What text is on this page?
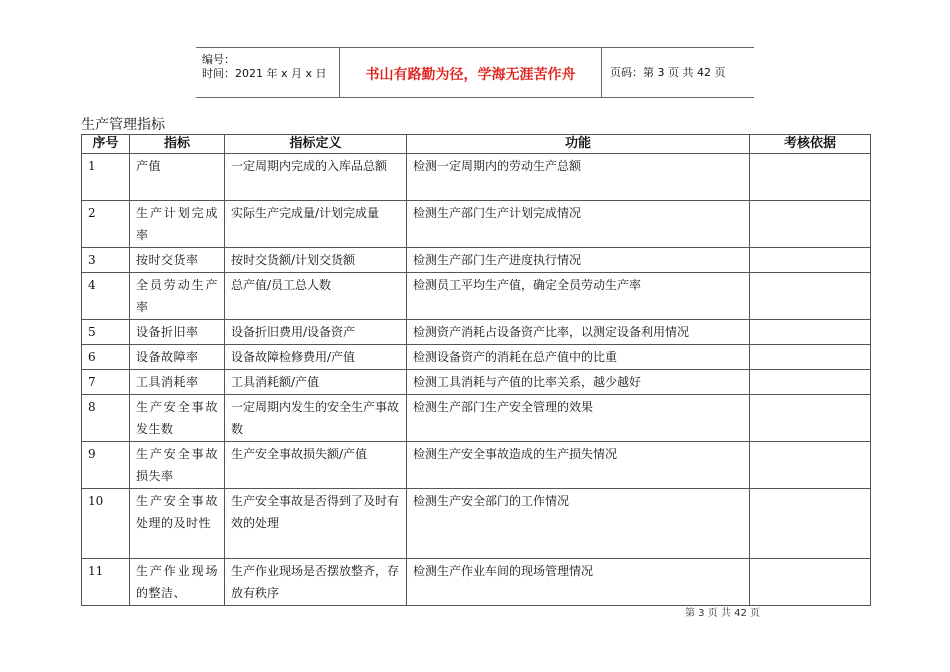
编号：
时间：2021 年 x 月 x 日	书山有路勤为径，学海无涯苦作舟	页码：第 3 页 共 42 页
生产管理指标
序号	指标	指标定义	功能	考核依据
1	产值	一定周期内完成的入库品总额	检测一定周期内的劳动生产总额	
2	生产计划完成率	实际生产完成量/计划完成量	检测生产部门生产计划完成情况	
3	按时交货率	按时交货额/计划交货额	检测生产部门生产进度执行情况	
4	全员劳动生产率	总产值/员工总人数	检测员工平均生产值，确定全员劳动生产率	
5	设备折旧率	设备折旧费用/设备资产	检测资产消耗占设备资产比率，以测定设备利用情况	
6	设备故障率	设备故障检修费用/产值	检测设备资产的消耗在总产值中的比重	
7	工具消耗率	工具消耗额/产值	检测工具消耗与产值的比率关系，越少越好	
8	生产安全事故发生数	一定周期内发生的安全生产事故数	检测生产部门生产安全管理的效果	
9	生产安全事故损失率	生产安全事故损失额/产值	检测生产安全事故造成的生产损失情况	
10	生产安全事故处理的及时性	生产安全事故是否得到了及时有效的处理	检测生产安全部门的工作情况	
11	生产作业现场的整洁、	生产作业现场是否摆放整齐，存放有秩序	检测生产作业车间的现场管理情况	
第 3 页 共 42 页
